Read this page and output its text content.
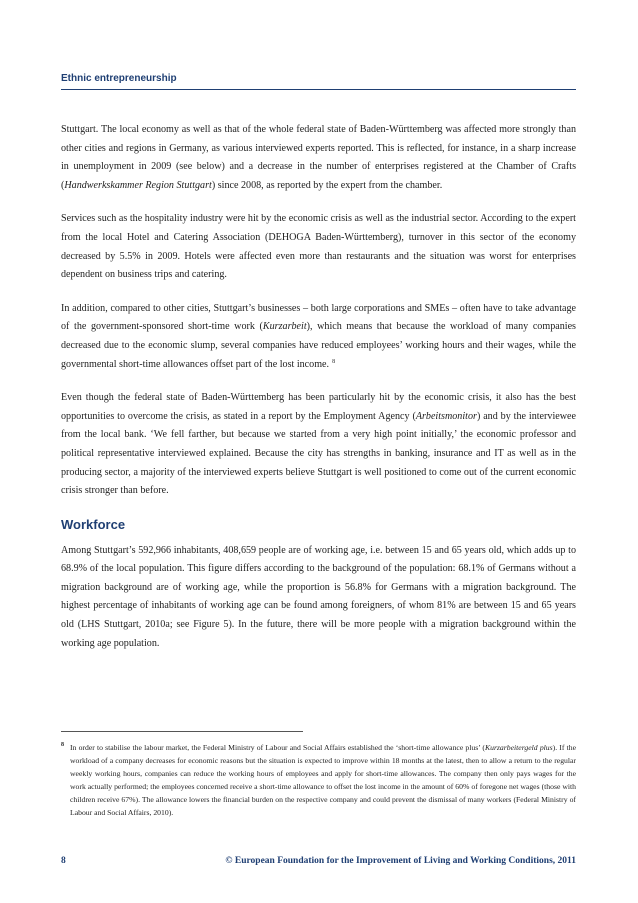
Ethnic entrepreneurship

Stuttgart. The local economy as well as that of the whole federal state of Baden-Württemberg was affected more strongly than other cities and regions in Germany, as various interviewed experts reported. This is reflected, for instance, in a sharp increase in unemployment in 2009 (see below) and a decrease in the number of enterprises registered at the Chamber of Crafts (Handwerkskammer Region Stuttgart) since 2008, as reported by the expert from the chamber.

Services such as the hospitality industry were hit by the economic crisis as well as the industrial sector. According to the expert from the local Hotel and Catering Association (DEHOGA Baden-Württemberg), turnover in this sector of the economy decreased by 5.5% in 2009. Hotels were affected even more than restaurants and the situation was worst for enterprises dependent on business trips and catering.

In addition, compared to other cities, Stuttgart’s businesses – both large corporations and SMEs – often have to take advantage of the government-sponsored short-time work (Kurzarbeit), which means that because the workload of many companies decreased due to the economic slump, several companies have reduced employees’ working hours and their wages, while the governmental short-time allowances offset part of the lost income. $^8$

Even though the federal state of Baden-Württemberg has been particularly hit by the economic crisis, it also has the best opportunities to overcome the crisis, as stated in a report by the Employment Agency (Arbeitsmonitor) and by the interviewee from the local bank. ‘We fell farther, but because we started from a very high point initially,’ the economic professor and political representative interviewed explained. Because the city has strengths in banking, insurance and IT as well as in the producing sector, a majority of the interviewed experts believe Stuttgart is well positioned to come out of the current economic crisis stronger than before.

Workforce

Among Stuttgart’s 592,966 inhabitants, 408,659 people are of working age, i.e. between 15 and 65 years old, which adds up to 68.9% of the local population. This figure differs according to the background of the population: 68.1% of Germans without a migration background are of working age, while the proportion is 56.8% for Germans with a migration background. The highest percentage of inhabitants of working age can be found among foreigners, of whom 81% are between 15 and 65 years old (LHS Stuttgart, 2010a; see Figure 5). In the future, there will be more people with a migration background within the working age population.

8 In order to stabilise the labour market, the Federal Ministry of Labour and Social Affairs established the ‘short-time allowance plus’ (Kurzarbeitergeld plus). If the workload of a company decreases for economic reasons but the situation is expected to improve within 18 months at the latest, then to allow a return to the regular weekly working hours, companies can reduce the working hours of employees and apply for short-time allowances. The company then only pays wages for the work actually performed; the employees concerned receive a short-time allowance to offset the lost income in the amount of 60% of foregone net wages (those with children receive 67%). The allowance lowers the financial burden on the respective company and could prevent the dismissal of many workers (Federal Ministry of Labour and Social Affairs, 2010).
8	© European Foundation for the Improvement of Living and Working Conditions, 2011
